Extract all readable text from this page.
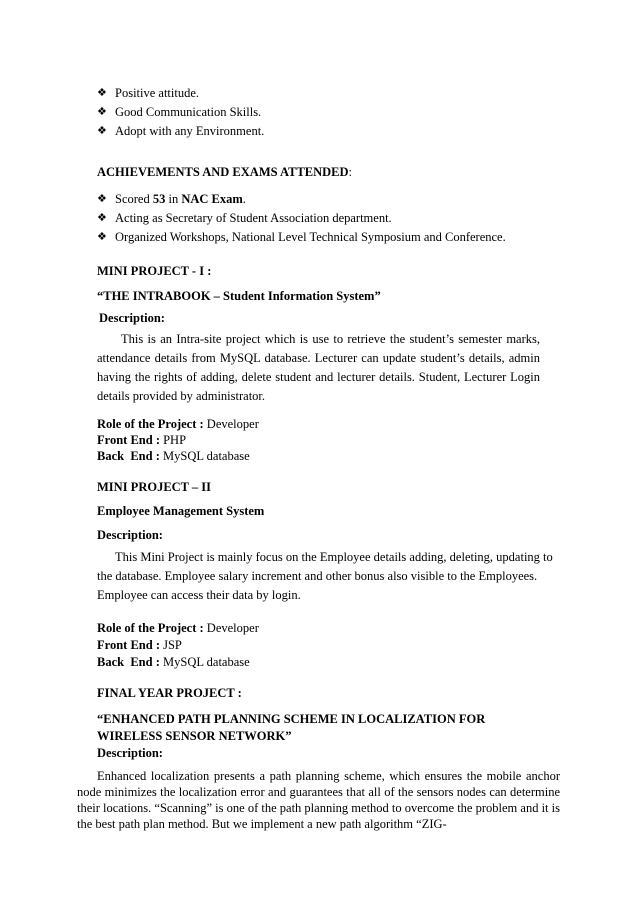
❖ Positive attitude.
❖ Good Communication Skills.
❖ Adopt with any Environment.
ACHIEVEMENTS AND EXAMS ATTENDED:
❖ Scored 53 in NAC Exam.
❖ Acting as Secretary of Student Association department.
❖ Organized Workshops, National Level Technical Symposium and Conference.
MINI PROJECT - I :
“THE INTRABOOK – Student Information System”
Description:
This is an Intra-site project which is use to retrieve the student’s semester marks, attendance details from MySQL database. Lecturer can update student’s details, admin having the rights of adding, delete student and lecturer details. Student, Lecturer Login details provided by administrator.
Role of the Project : Developer
Front End : PHP
Back  End : MySQL database
MINI PROJECT – II
Employee Management System
Description:
This Mini Project is mainly focus on the Employee details adding, deleting, updating to the database. Employee salary increment and other bonus also visible to the Employees. Employee can access their data by login.
Role of the Project : Developer
Front End : JSP
Back  End : MySQL database
FINAL YEAR PROJECT :
“ENHANCED PATH PLANNING SCHEME IN LOCALIZATION FOR
WIRELESS SENSOR NETWORK”
Description:
Enhanced localization presents a path planning scheme, which ensures the mobile anchor node minimizes the localization error and guarantees that all of the sensors nodes can determine their locations. “Scanning” is one of the path planning method to overcome the problem and it is the best path plan method. But we implement a new path algorithm “ZIG-
